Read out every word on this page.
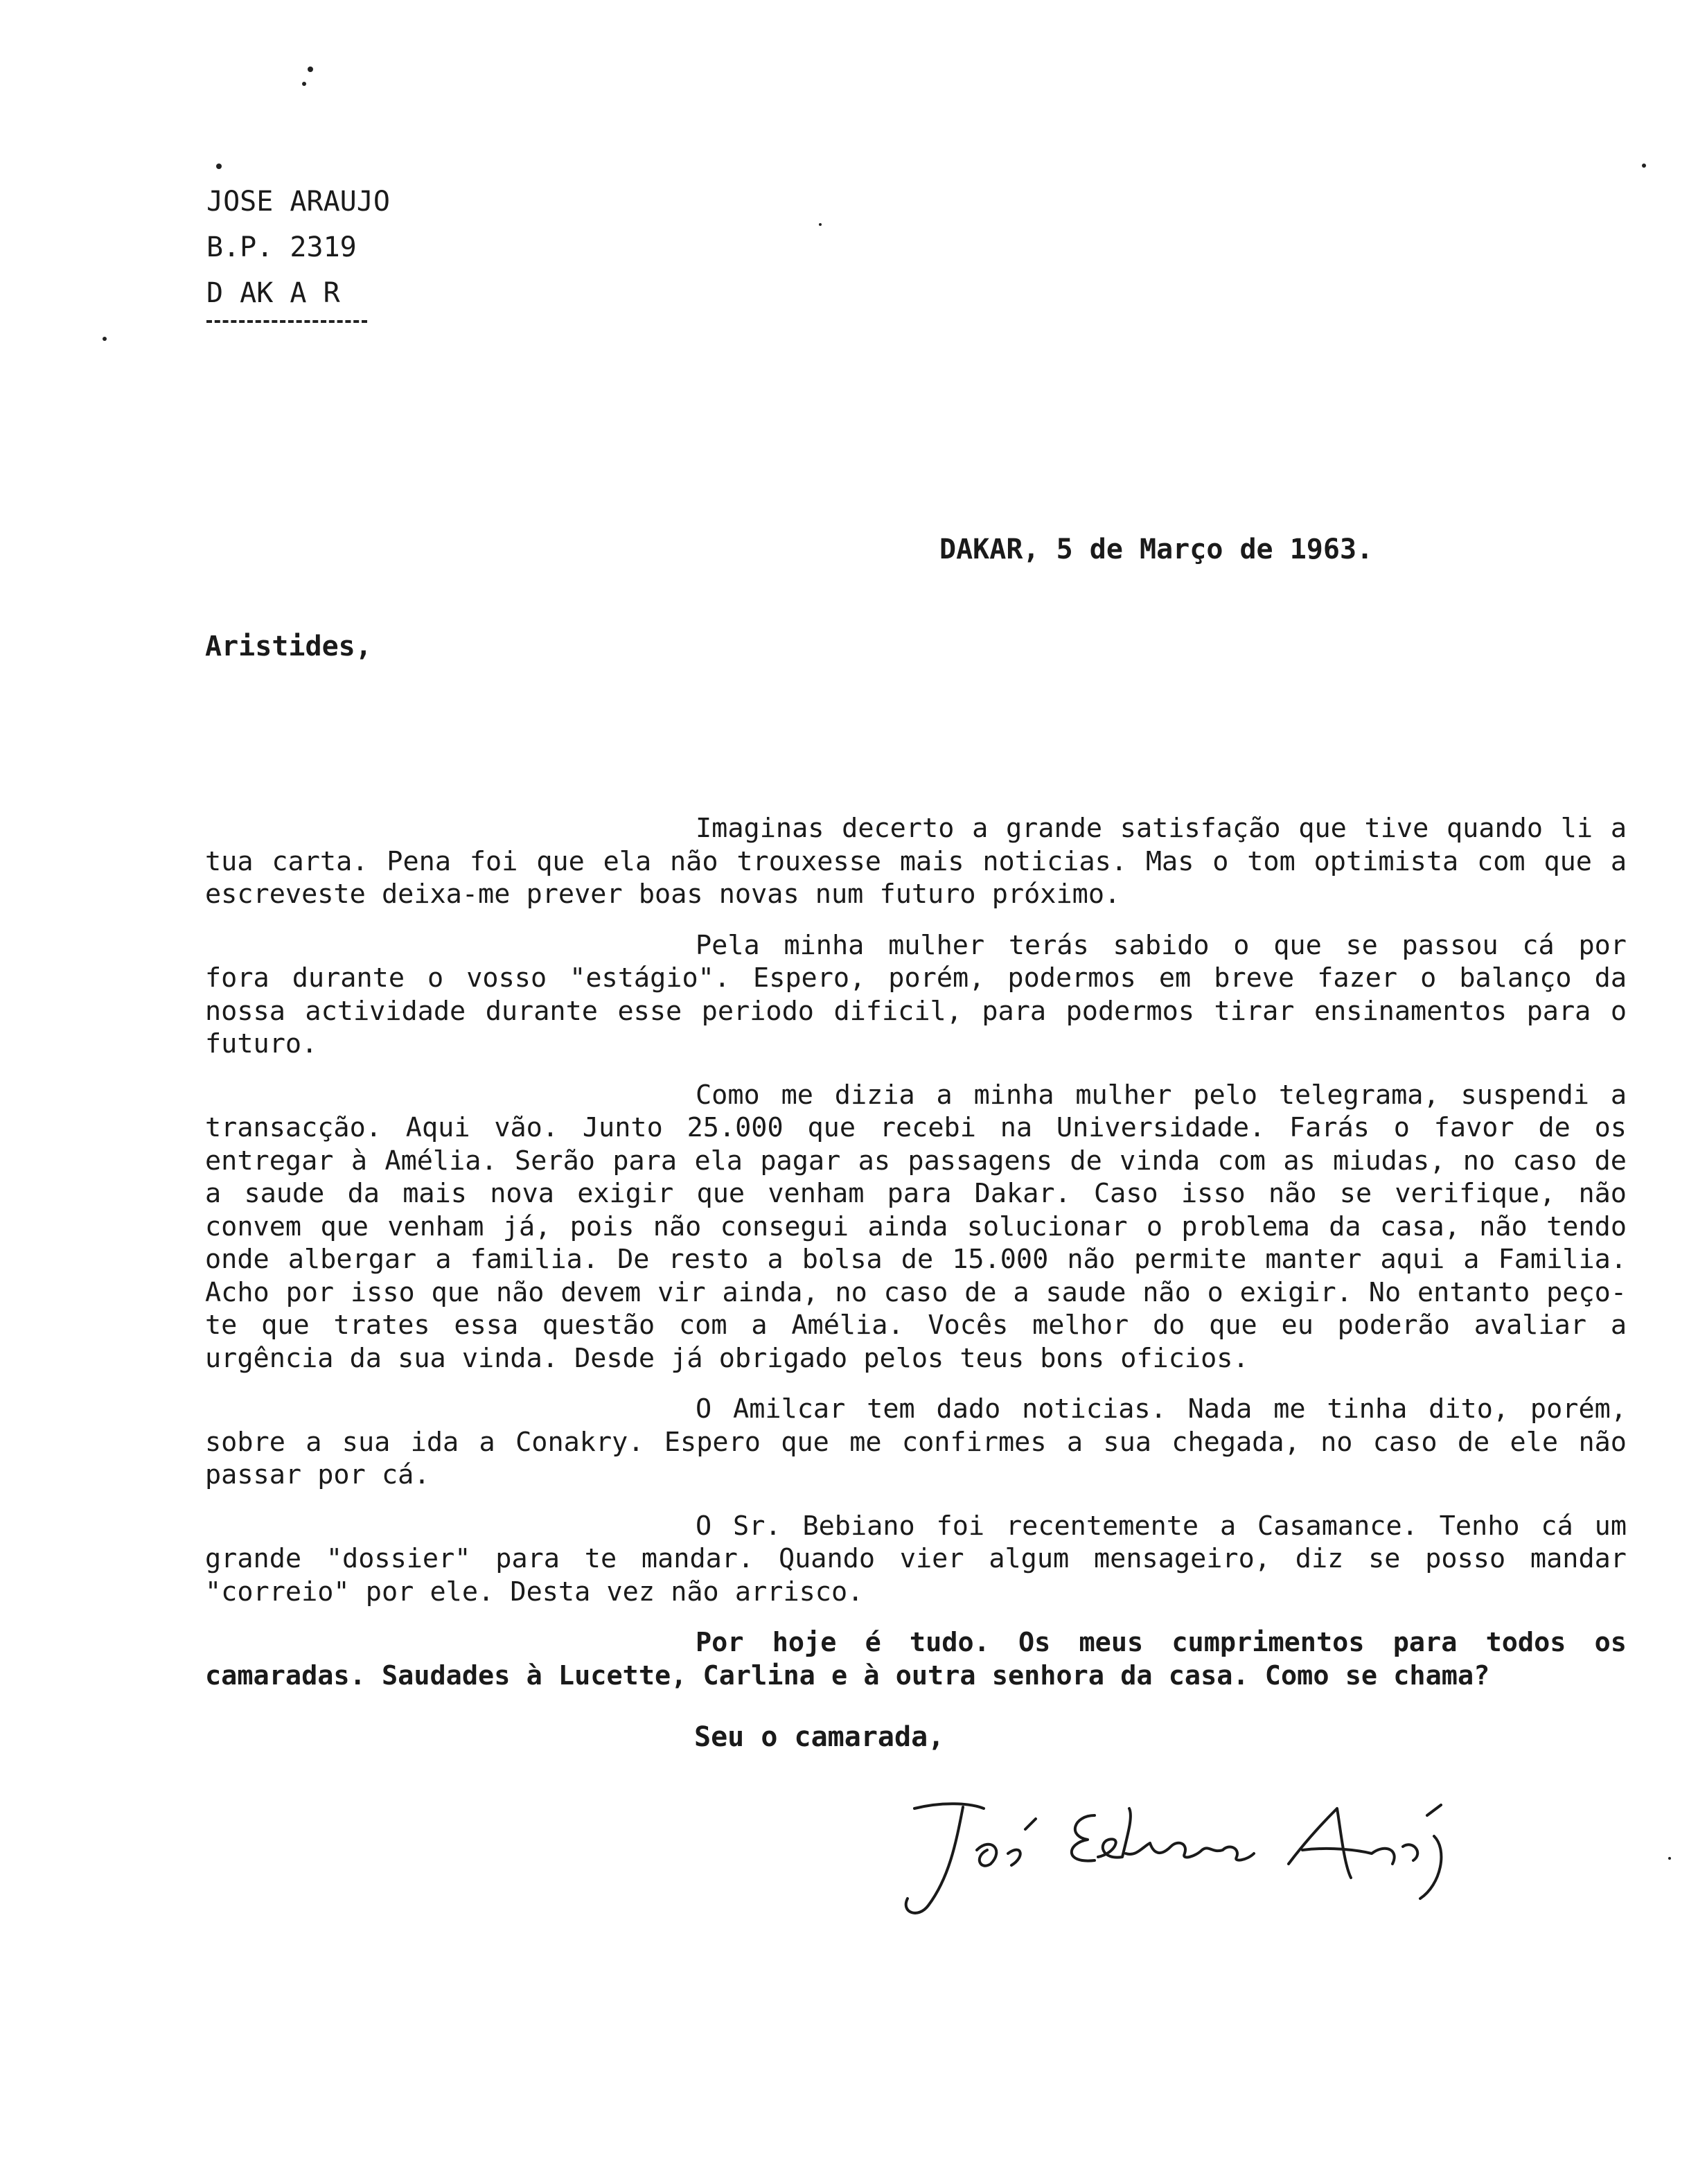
JOSE ARAUJO
B.P. 2319
D AK A R
DAKAR, 5 de Março de 1963.
Aristides,

Imaginas decerto a grande satisfação que tive quando li a tua carta. Pena foi que ela não trouxesse mais noticias. Mas o tom optimista com que a escreveste deixa-me prever boas novas num futuro próximo.

Pela minha mulher terás sabido o que se passou cá por fora durante o vosso "estágio". Espero, porém, podermos em breve fazer o balanço da nossa actividade durante esse periodo dificil, para podermos tirar ensinamentos para o futuro.

Como me dizia a minha mulher pelo telegrama, suspendi a transacção. Aqui vão. Junto 25.000 que recebi na Universidade. Farás o favor de os entregar à Amélia. Serão para ela pagar as passagens de vinda com as miudas, no caso de a saude da mais nova exigir que venham para Dakar. Caso isso não se verifique, não convem que venham já, pois não consegui ainda solucionar o problema da casa, não tendo onde albergar a familia. De resto a bolsa de 15.000 não permite manter aqui a Familia. Acho por isso que não devem vir ainda, no caso de a saude não o exigir. No entanto peço-te que trates essa questão com a Amélia. Vocês melhor do que eu poderão avaliar a urgência da sua vinda. Desde já obrigado pelos teus bons oficios.

O Amilcar tem dado noticias. Nada me tinha dito, porém, sobre a sua ida a Conakry. Espero que me confirmes a sua chegada, no caso de ele não passar por cá.

O Sr. Bebiano foi recentemente a Casamance. Tenho cá um grande "dossier" para te mandar. Quando vier algum mensageiro, diz se posso mandar "correio" por ele. Desta vez não arrisco.

Por hoje é tudo. Os meus cumprimentos para todos os camaradas. Saudades à Lucette, Carlina e à outra senhora da casa. Como se chama?

Seu o camarada,
